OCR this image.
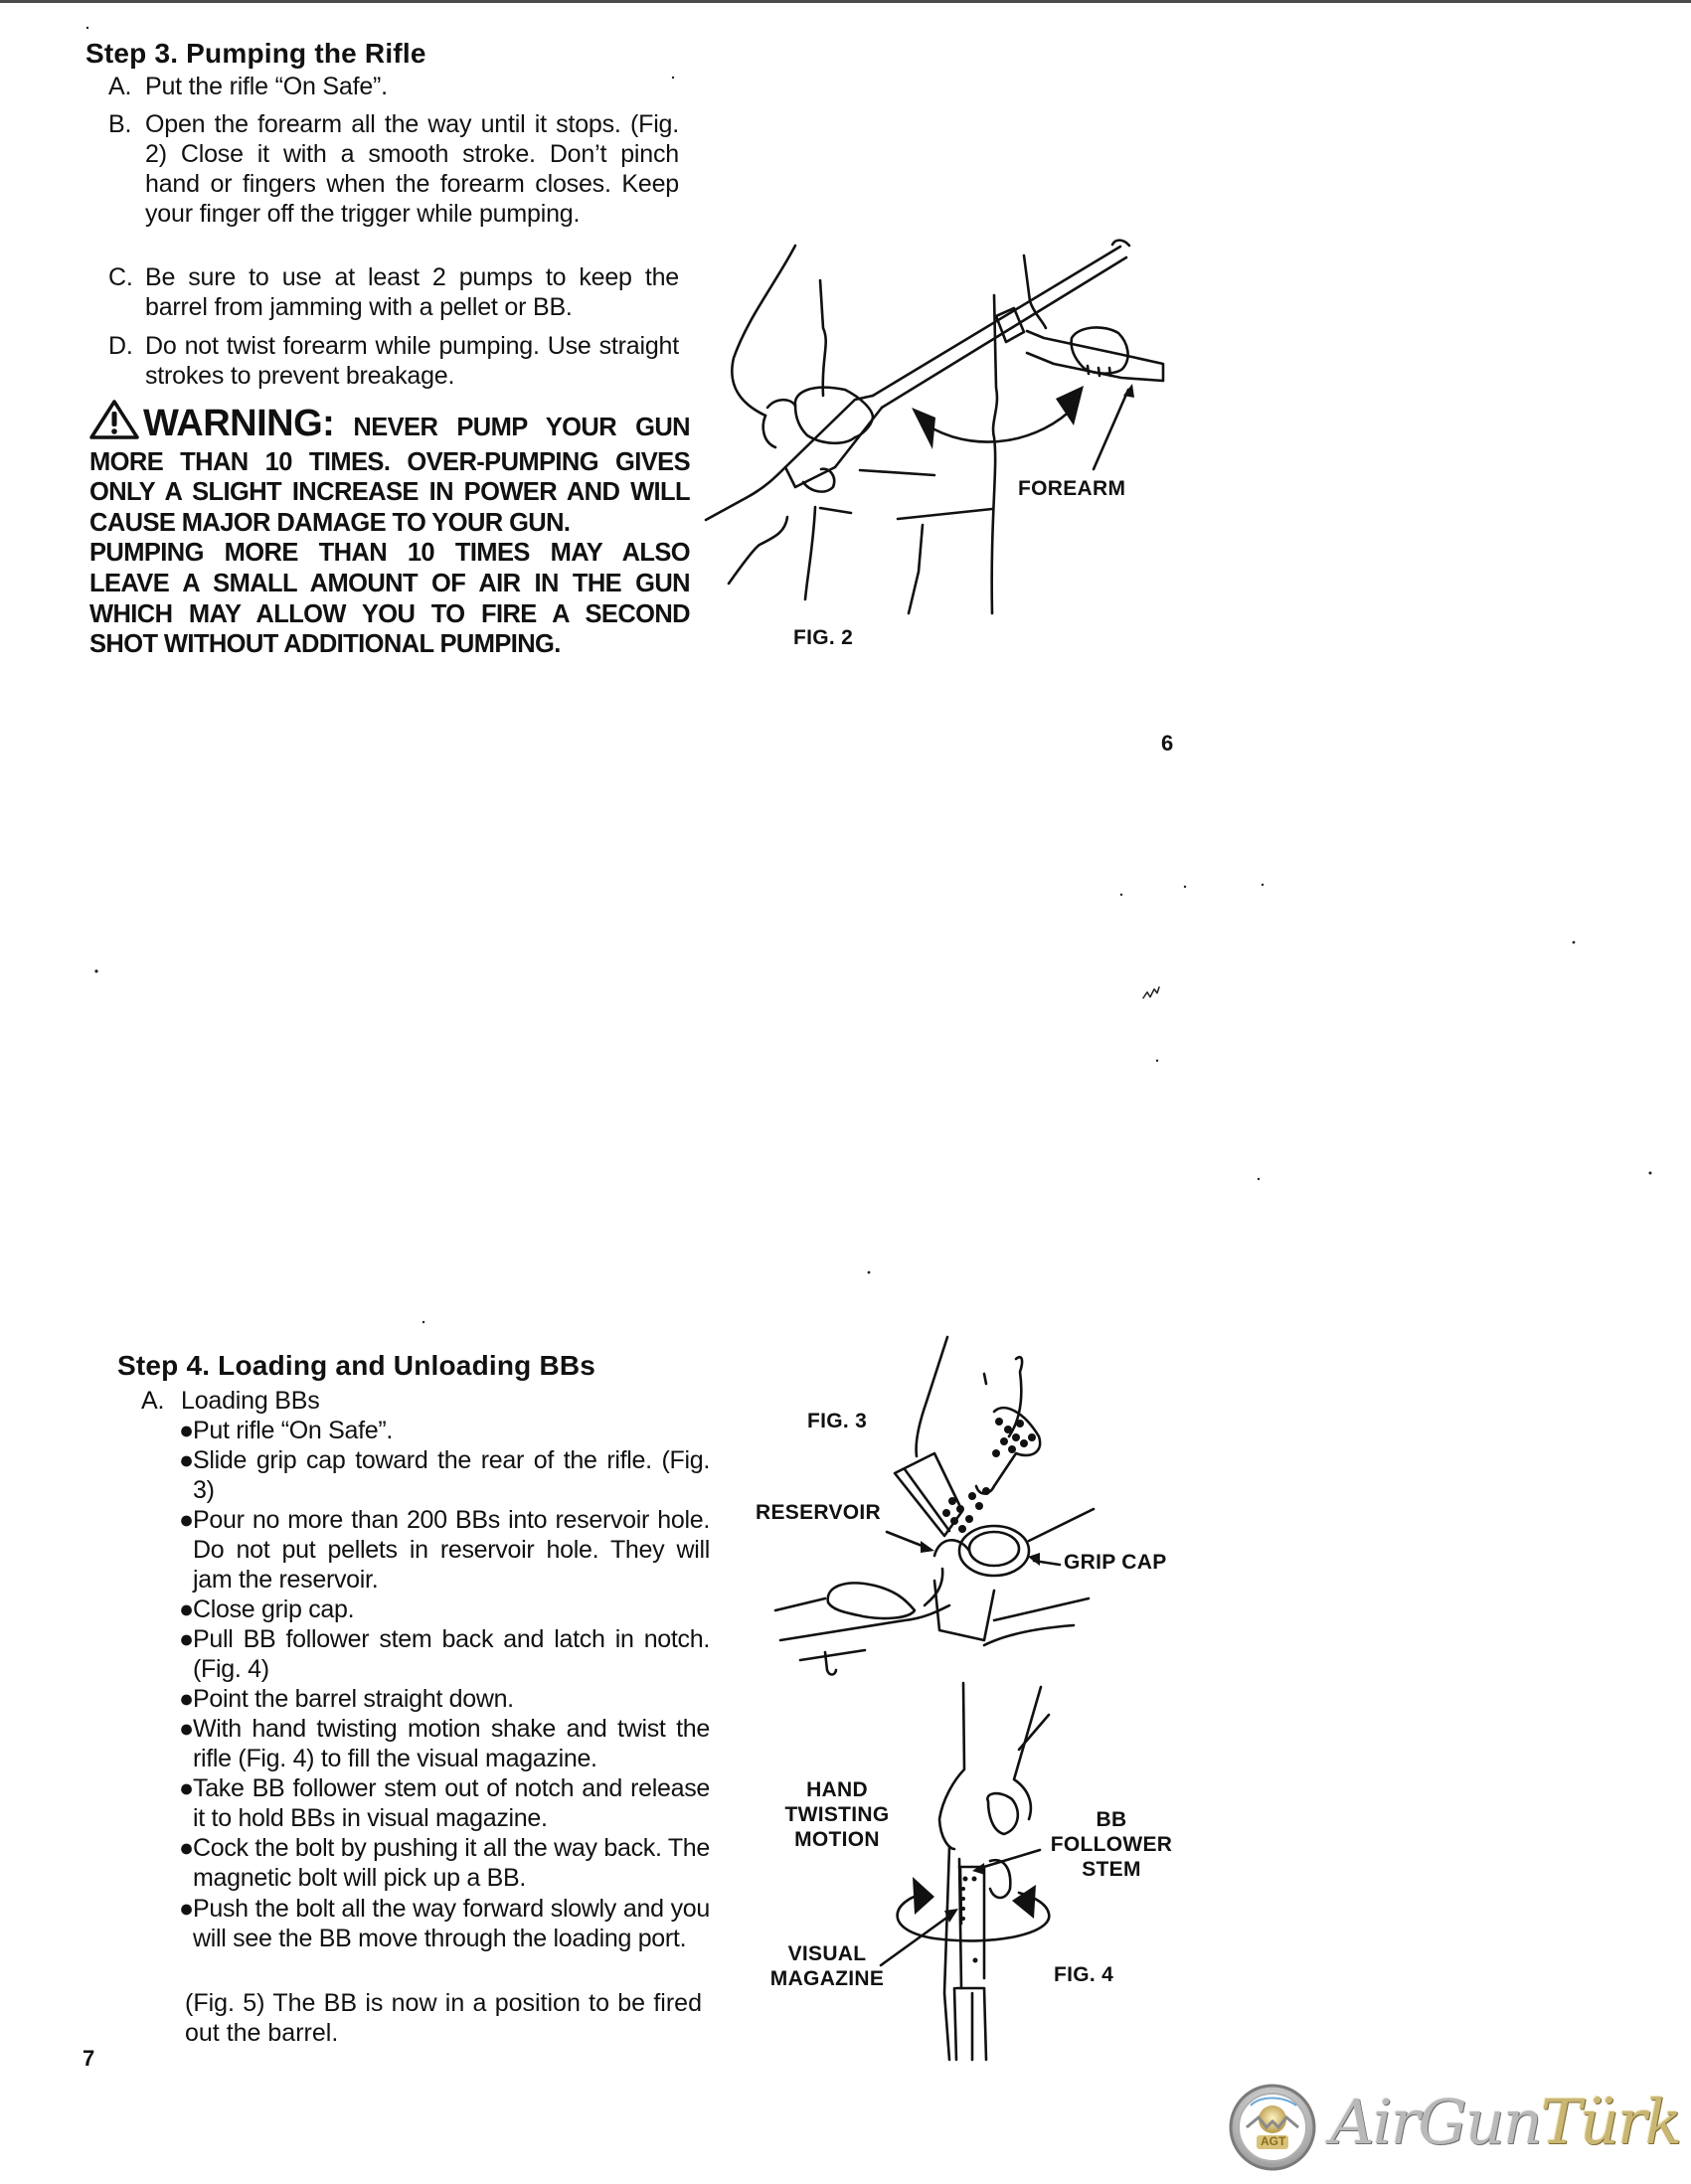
Step 3. Pumping the Rifle
A. Put the rifle “On Safe”.
B. Open the forearm all the way until it stops. (Fig. 2) Close it with a smooth stroke. Don’t pinch hand or fingers when the forearm closes. Keep your finger off the trigger while pumping.
C. Be sure to use at least 2 pumps to keep the barrel from jamming with a pellet or BB.
D. Do not twist forearm while pumping. Use straight strokes to prevent breakage.

WARNING: NEVER PUMP YOUR GUN MORE THAN 10 TIMES. OVER-PUMPING GIVES ONLY A SLIGHT INCREASE IN POWER AND WILL CAUSE MAJOR DAMAGE TO YOUR GUN.

PUMPING MORE THAN 10 TIMES MAY ALSO LEAVE A SMALL AMOUNT OF AIR IN THE GUN WHICH MAY ALLOW YOU TO FIRE A SECOND SHOT WITHOUT ADDITIONAL PUMPING.

FOREARM
FIG. 2
6
Step 4. Loading and Unloading BBs
A. Loading BBs
● Put rifle “On Safe”.
● Slide grip cap toward the rear of the rifle. (Fig. 3)
● Pour no more than 200 BBs into reservoir hole. Do not put pellets in reservoir hole. They will jam the reservoir.
● Close grip cap.
● Pull BB follower stem back and latch in notch. (Fig. 4)
● Point the barrel straight down.
● With hand twisting motion shake and twist the rifle (Fig. 4) to fill the visual magazine.
● Take BB follower stem out of notch and release it to hold BBs in visual magazine.
● Cock the bolt by pushing it all the way back. The magnetic bolt will pick up a BB.
● Push the bolt all the way forward slowly and you will see the BB move through the loading port.
(Fig. 5) The BB is now in a position to be fired out the barrel.
7
FIG. 3
RESERVOIR
GRIP CAP
HAND
TWISTING
MOTION
BB
FOLLOWER
STEM
VISUAL
MAGAZINE	FIG. 4
AGT AirGunTürk
